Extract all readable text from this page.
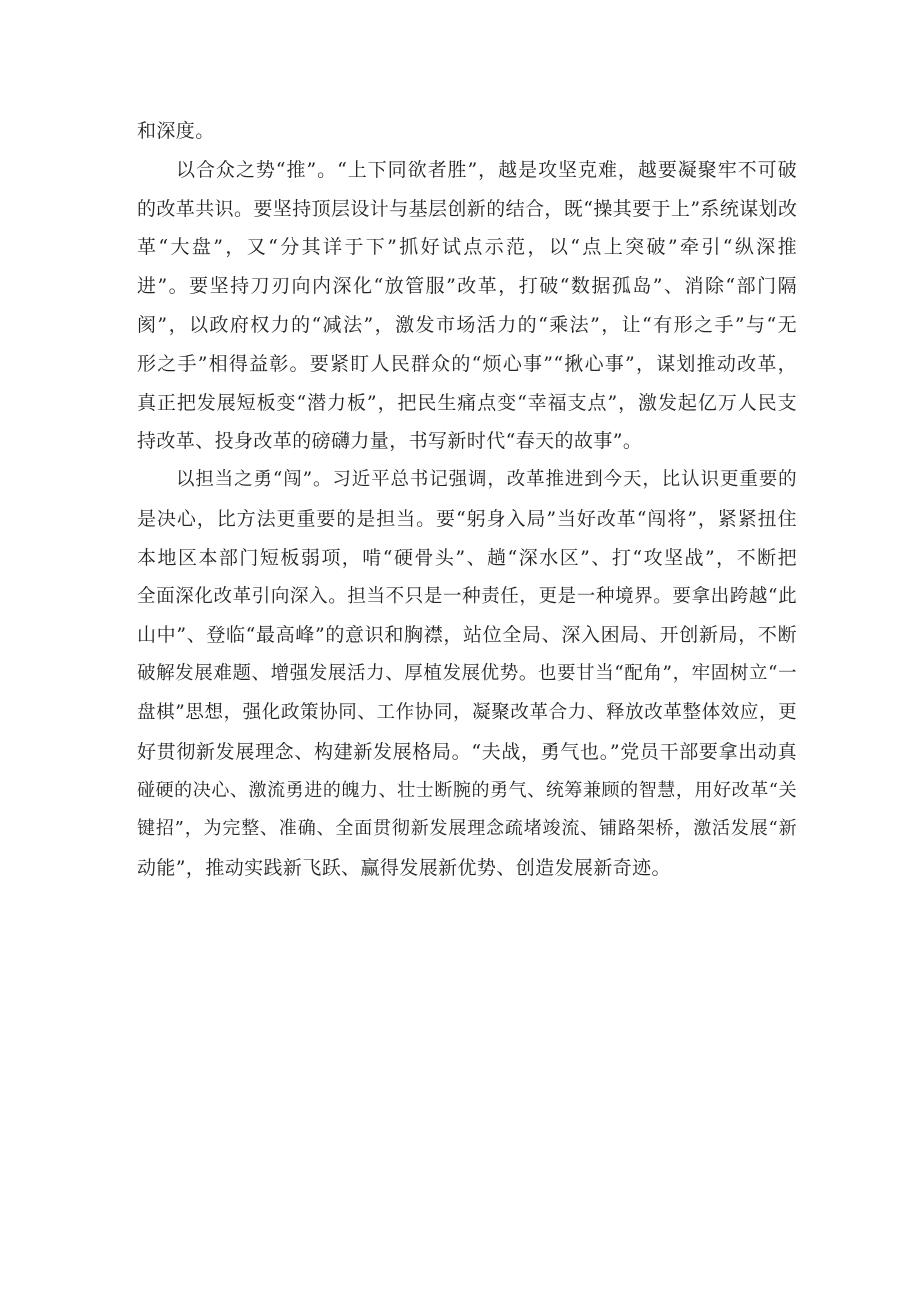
和深度。
以合众之势“推”。“上下同欲者胜”，越是攻坚克难，越要凝聚牢不可破
的改革共识。要坚持顶层设计与基层创新的结合，既“操其要于上”系统谋划改
革“大盘”，又“分其详于下”抓好试点示范，以“点上突破”牵引“纵深推
进”。要坚持刀刃向内深化“放管服”改革，打破“数据孤岛”、消除“部门隔
阂”，以政府权力的“减法”，激发市场活力的“乘法”，让“有形之手”与“无
形之手”相得益彰。要紧盯人民群众的“烦心事”“揪心事”，谋划推动改革，
真正把发展短板变“潜力板”，把民生痛点变“幸福支点”，激发起亿万人民支
持改革、投身改革的磅礴力量，书写新时代“春天的故事”。
以担当之勇“闯”。习近平总书记强调，改革推进到今天，比认识更重要的
是决心，比方法更重要的是担当。要“躬身入局”当好改革“闯将”，紧紧扭住
本地区本部门短板弱项，啃“硬骨头”、趟“深水区”、打“攻坚战”，不断把
全面深化改革引向深入。担当不只是一种责任，更是一种境界。要拿出跨越“此
山中”、登临“最高峰”的意识和胸襟，站位全局、深入困局、开创新局，不断
破解发展难题、增强发展活力、厚植发展优势。也要甘当“配角”，牢固树立“一
盘棋”思想，强化政策协同、工作协同，凝聚改革合力、释放改革整体效应，更
好贯彻新发展理念、构建新发展格局。“夫战，勇气也。”党员干部要拿出动真
碰硬的决心、激流勇进的魄力、壮士断腕的勇气、统筹兼顾的智慧，用好改革“关
键招”，为完整、准确、全面贯彻新发展理念疏堵竣流、铺路架桥，激活发展“新
动能”，推动实践新飞跃、赢得发展新优势、创造发展新奇迹。
